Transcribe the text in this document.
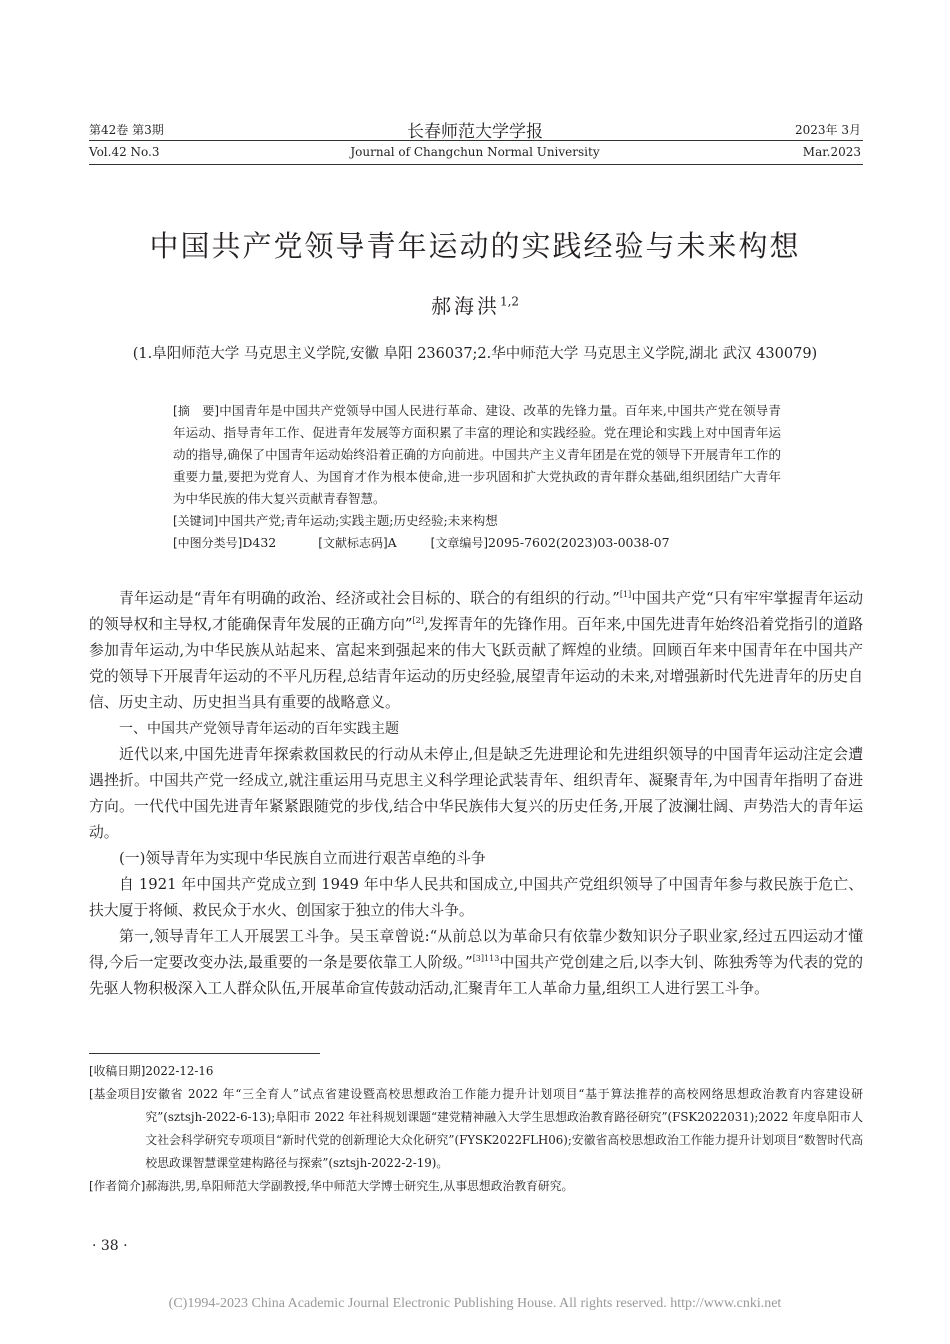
第42卷 第3期
Vol.42 No.3
长春师范大学学报
Journal of Changchun Normal University
2023年 3月
Mar.2023
中国共产党领导青年运动的实践经验与未来构想
郝海洪$^{1,2}$
(1.阜阳师范大学 马克思主义学院,安徽 阜阳 236037;2.华中师范大学 马克思主义学院,湖北 武汉 430079)

[摘　要]中国青年是中国共产党领导中国人民进行革命、建设、改革的先锋力量。百年来,中国共产党在领导青年运动、指导青年工作、促进青年发展等方面积累了丰富的理论和实践经验。党在理论和实践上对中国青年运动的指导,确保了中国青年运动始终沿着正确的方向前进。中国共产主义青年团是在党的领导下开展青年工作的重要力量,要把为党育人、为国育才作为根本使命,进一步巩固和扩大党执政的青年群众基础,组织团结广大青年为中华民族的伟大复兴贡献青春智慧。

[关键词]中国共产党;青年运动;实践主题;历史经验;未来构想

[中图分类号]D432	[文献标志码]A	[文章编号]2095-7602(2023)03-0038-07

青年运动是“青年有明确的政治、经济或社会目标的、联合的有组织的行动。”[1]中国共产党“只有牢牢掌握青年运动的领导权和主导权,才能确保青年发展的正确方向”[2],发挥青年的先锋作用。百年来,中国先进青年始终沿着党指引的道路参加青年运动,为中华民族从站起来、富起来到强起来的伟大飞跃贡献了辉煌的业绩。回顾百年来中国青年在中国共产党的领导下开展青年运动的不平凡历程,总结青年运动的历史经验,展望青年运动的未来,对增强新时代先进青年的历史自信、历史主动、历史担当具有重要的战略意义。

一、中国共产党领导青年运动的百年实践主题

近代以来,中国先进青年探索救国救民的行动从未停止,但是缺乏先进理论和先进组织领导的中国青年运动注定会遭遇挫折。中国共产党一经成立,就注重运用马克思主义科学理论武装青年、组织青年、凝聚青年,为中国青年指明了奋进方向。一代代中国先进青年紧紧跟随党的步伐,结合中华民族伟大复兴的历史任务,开展了波澜壮阔、声势浩大的青年运动。

(一)领导青年为实现中华民族自立而进行艰苦卓绝的斗争

自 1921 年中国共产党成立到 1949 年中华人民共和国成立,中国共产党组织领导了中国青年参与救民族于危亡、扶大厦于将倾、救民众于水火、创国家于独立的伟大斗争。

第一,领导青年工人开展罢工斗争。吴玉章曾说:“从前总以为革命只有依靠少数知识分子职业家,经过五四运动才懂得,今后一定要改变办法,最重要的一条是要依靠工人阶级。”$^{[3]113}$中国共产党创建之后,以李大钊、陈独秀等为代表的党的先驱人物积极深入工人群众队伍,开展革命宣传鼓动活动,汇聚青年工人革命力量,组织工人进行罢工斗争。

[收稿日期] 2022-12-16
[基金项目] 安徽省 2022 年“三全育人”试点省建设暨高校思想政治工作能力提升计划项目“基于算法推荐的高校网络思想政治教育内容建设研究”(sztsjh-2022-6-13);阜阳市 2022 年社科规划课题“建党精神融入大学生思想政治教育路径研究”(FSK2022031);2022 年度阜阳市人文社会科学研究专项项目“新时代党的创新理论大众化研究”(FYSK2022FLH06);安徽省高校思想政治工作能力提升计划项目“数智时代高校思政课智慧课堂建构路径与探索”(sztsjh-2022-2-19)。
[作者简介] 郝海洪,男,阜阳师范大学副教授,华中师范大学博士研究生,从事思想政治教育研究。
· 38 ·
(C)1994-2023 China Academic Journal Electronic Publishing House. All rights reserved. http://www.cnki.net
